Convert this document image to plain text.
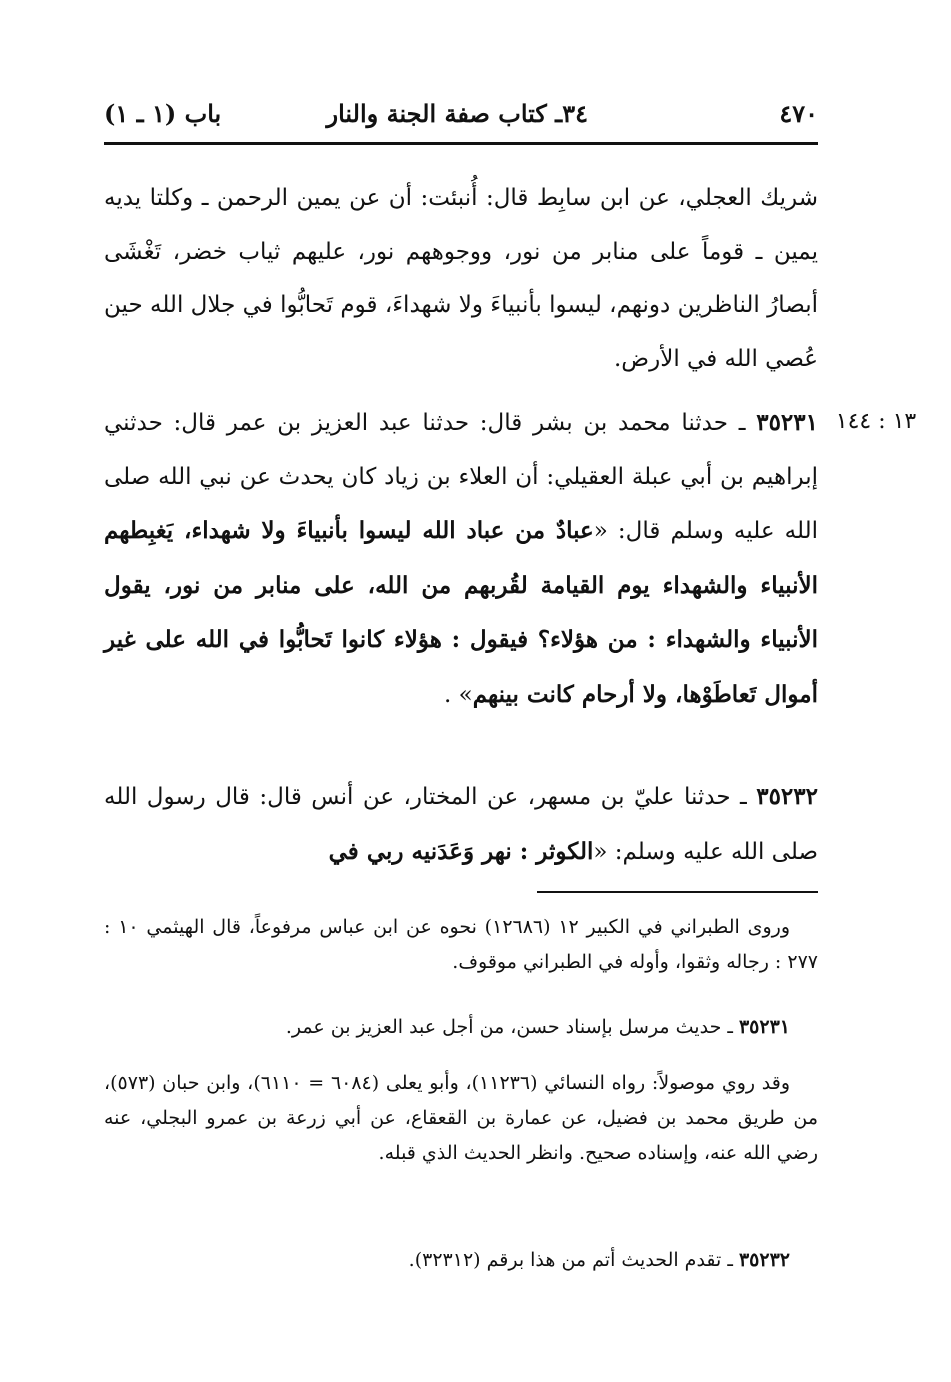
٤٧٠
٣٤ـ كتاب صفة الجنة والنار
باب (١ ـ ١)

شريك العجلي، عن ابن سابِط قال: أُنبئت: أن عن يمين الرحمن ـ وكلتا يديه يمين ـ قوماً على منابر من نور، ووجوههم نور، عليهم ثياب خضر، تَغْشَى أبصارُ الناظرين دونهم، ليسوا بأنبياءَ ولا شهداءَ، قوم تَحابُّوا في جلال الله حين عُصي الله في الأرض.

١٣ : ١٤٤

٣٥٢٣١ ـ حدثنا محمد بن بشر قال: حدثنا عبد العزيز بن عمر قال: حدثني إبراهيم بن أبي عبلة العقيلي: أن العلاء بن زياد كان يحدث عن نبي الله صلى الله عليه وسلم قال: «عبادٌ من عباد الله ليسوا بأنبياءَ ولا شهداء، يَغبِطهم الأنبياء والشهداء يوم القيامة لقُربهم من الله، على منابر من نور، يقول الأنبياء والشهداء : من هؤلاء؟ فيقول : هؤلاء كانوا تَحابُّوا في الله على غير أموال تَعاطَوْها، ولا أرحام كانت بينهم» .

٣٥٢٣٢ ـ حدثنا عليّ بن مسهر، عن المختار، عن أنس قال: قال رسول الله صلى الله عليه وسلم: «الكوثر : نهر وَعَدَنيه ربي في

وروى الطبراني في الكبير ١٢ (١٢٦٨٦) نحوه عن ابن عباس مرفوعاً، قال الهيثمي ١٠ : ٢٧٧ : رجاله وثقوا، وأوله في الطبراني موقوف.

٣٥٢٣١ ـ حديث مرسل بإسناد حسن، من أجل عبد العزيز بن عمر.

وقد روي موصولاً: رواه النسائي (١١٢٣٦)، وأبو يعلى (٦٠٨٤ = ٦١١٠)، وابن حبان (٥٧٣)، من طريق محمد بن فضيل، عن عمارة بن القعقاع، عن أبي زرعة بن عمرو البجلي، عنه رضي الله عنه، وإسناده صحيح. وانظر الحديث الذي قبله.

٣٥٢٣٢ ـ تقدم الحديث أتم من هذا برقم (٣٢٣١٢).
